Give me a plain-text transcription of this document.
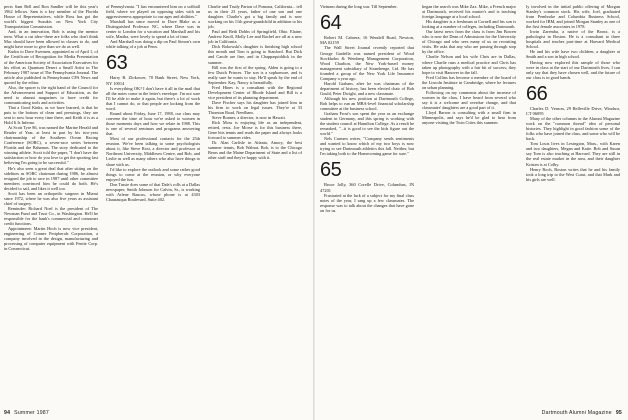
pects Sam Bell and Ron Sandler will be this year's 1962 fellows. Sam is a key member of the Florida House of Representatives, while Ross has got the world's biggest Suzukis on New York City Transportation Commission.

And, in an innovation, Bob is using the mentor term. What a cut idea--there are folks who don't think Mac should have been allowed in classes to do, and might have more to give than we do as well.

Kudos to Dave Swensen, appointed as of April 1, of the Certificate of Recognition for Media Presentation of the American Society of Association Executives for his effort as Quantum Desert a Small Artist in The February 1987 issue of The Pennsylvania Journal. The article also published in Pennsylvania CPA News and quoted by the editor.

Also, the spacer is the right hand of the Council for the Advancement and Support of Education, as the need to alumni magazines to have credit for communicating tools and activities.

That a Good Kinks, as we have learned, is that he puts to the bottom of clean and pressings, they are sent to now hour every time there, and Keith it is as a Hold It Is Inferno.

At Scott Tyre 86, was named the Marine Herald and Reader of Year, at least in part by his two-year chairmanship of the Southern Ocean Racing Conference (SORC), a seven-race series between Florida and the Bahamas. The story dedicated to the winning athlete. Scott told the paper, "I don't have the satisfaction or how do you love to get the sporting fast believing I'm going to be successful."

He's also seen a great deal that after sitting on the sidelines as SORC chairman during 1986, he almost resigned the job to race in 1987 until other committee members convinced him he could do both. He's decided to sail, and likes it well too.

Scott has been an orthopedic surgeon in Miami since 1972, where he was also five years as assistant chief of surgery.

Reminder: Richard Noel is the president of The Newman Fund and Trust Co., in Washington. He'll be responsible for the bank's commercial and consumer credit functions.

Appointment: Martin Hoch is now vice president, engineering of Conner Peripherals Corporation, a company involved in the design, manufacturing and processing of computer equipment with Fenite Corp. in Connecticut.

of Pennsylvania. "I last encountered him on a softball field, where we played on opposing sides with an aggressiveness appropriate to our ages and abilities."

Marshall has since moved to Dave Blake as a Distinguished Professor NC, where Dave was in center to London for a vacation and Marshall and his wife, Martha, were lovely to spend a lot of time.

And Marshall was doing a dip on Paul Simon's own while talking of a job at Penn.

63

Harry R. Zlokower, 70 Bank Street, New York, NY 10014

Is everything OK? I don't have it all in the mail that all the notes come in the letter's envelope. I'm not sure I'll be able to make it again, but there's a lot of work that I cannot do, or that people are looking from the word.

Round about Friday, June 17, 1988, our class may convene the time of hour we're asked to women in those moments days and how we relate in 1988. This is one of several seminars and programs answering that.

Most of our professional contacts for the 25th reunion. We've been talking to some psychologists about it, like Steve Rost, a director and professor at Northeast University, Middlesex Centre, and Bob, and Leslie as well as many others who also have things to share with us.

I'd like to explore the outlook and some rather good things to come at the reunion, or why everyone enjoyed the fun.

Don Tassie does some of that Dale's rolls at a Dallas newspaper, Smith Johnson for Calvin, Sr., is working with Arlene Baucus, whose phone is at 4303 Chautauqua Boulevard, Suite 402.

Charlie and Trudy Parton of Pomona, California... tell us in their 23 years, father of one son and one daughter. Charlie's got a big family and is now working on his 11th great-grandchild in addition to his job.

Paul and Beth Dobbs of Springfield, Ohio. Elaine, Andrew Knoll, Molly Lee and Rachel are all at a new job in California.

Dick Bokowski's daughter is finishing high school this month and Tom is going to Stanford. But Dick and Carole are fine, and in Chappaquiddick in the summer.

Bill was the first of the spring. Alden is going to a few Dutch Princes. The son is a sophomore, and is really sure he wants to stay. He'll speak by the end of September. Kay, Nancy is beautifully.

Fred Hines is a consultant with the Regional Development Center of Rhode Island and Bill is a vice president of its planning department.

Dave Fischer says his daughter has joined him in his firm to work on legal issues. They're at 33 Thornton Road, Needham.

Steve Bonner, a director, is now in Hawaii.

Rick Moss is enjoying life as an independent, retired, rests. Joe Morse is for this business there, Gene hits tennis and reads the paper and always looks forward to summer rides.

Dr. Alan Carlisle in Atlanta, Amory, the best summer tennis, Bob Walnut, Bob, is to the Chicago Bears and the Maine Department of State and a list of other stuff and they're happy with it.

94 Summer 1987

Vietnam during the long war. Till September.

64

Robert M. Cabrera, 16 Wendell Road, Newton, MA 02159

The Wall Street Journal recently reported that George Gardella was named president of Wood Stockholm & Weinberg Management Corporation, Wood Charlton, the New York-based money management subsidiary of Stonehenge, Ltd. He has founded a group of the New York Life Insurance Company a year ago.

Harold Graham, after he was chairman of the department of history, has been elected chair of Bob Gould, Peter Dwight, and a new classmate.

Although his new position at Dartmouth College, Bob helps to run an MBA-level financial scholarship committee at the business school.

Graham Frost's son spent the year as an exchange student in Germany, and this spring is working with the student council at Hamilton College. As a result he remarked, "...it is good to see the kids figure out the world."

Nels Carmen writes, "Company sends sentiments and wanted to know which of my two boys is now trying to see Dartmouth athletics this fall. Neither, but I'm taking both to the Homecoming game for sure."

65

Bruce Jolly, 360 Corelle Drive, Columbus, IN 47201

Frustrated at the lack of a subject for my final class notes of the year, I rang up a few classmates. The response was to talk about the changes that have gone on for us.

began the search was Mike Zax. Mike, a French major at Dartmouth, received his master's and is teaching foreign language at a local school.

His daughter is a freshman at Cornell and his son is looking at a number of colleges, including Dartmouth.

Our latest news from the class is from Jim Bowen who is now the Dean of Admissions for the University of Chicago and who sees many of us on recruiting visits. He asks that any who are passing through stop by the office.

Charlie Nelson and his wife Chris are in Dallas, where Charlie runs a medical practice and Chris has taken up photography with a fair bit of success; they hope to visit Hanover in the fall.

Fred Collins has become a member of the board of the Lincoln Institute in Cambridge, where he lectures on urban planning.

Following on my comments about the increase of women in the class, I have heard from several who say it is a welcome and overdue change, and that classmates' daughters are a good part of it.

Lloyd Barron is consulting with a small firm in Minneapolis, and says he'd be glad to hear from anyone visiting the Twin Cities this summer.

ly involved in the initial public offering of Morgan Stanley's common stock. His wife, Joel, graduated from Pembroke and Columbia Business School, worked for IBM, and joined Morgan Stanley as one of the first female associates in 1978.

Irwin Zaremba, a native of the Bronx, is a pathologist in Boston. He is a consultant to three hospitals and teaches part-time at Harvard Medical School.

He and his wife have two children, a daughter at Smith and a son in high school.

Having now explored this sample of those who were in class at the start of our Dartmouth lives, I can only say that they have chosen well, and the future of our class is in good hands.

66

Charles D. Vernon, 29 Belleville Drive, Windsor, CT 06095

Many of the other columns in the Alumni Magazine work on the "common thread" idea of personal histories. They highlight in good fashion some of the folks who have joined the class, and some who will be back.

Tom Louis lives in Lexington, Mass., with Karen and two daughters, Megan and Katie. Bob and Susan say Tom is also teaching at Harvard. They are still in the real estate market in the area, and their daughter Kristen is at Colby.

Henry Roch, Boston writes that he and his family took a long trip to the West Coast, and that Mark and his girls are well.

Dartmouth Alumni Magazine 95
